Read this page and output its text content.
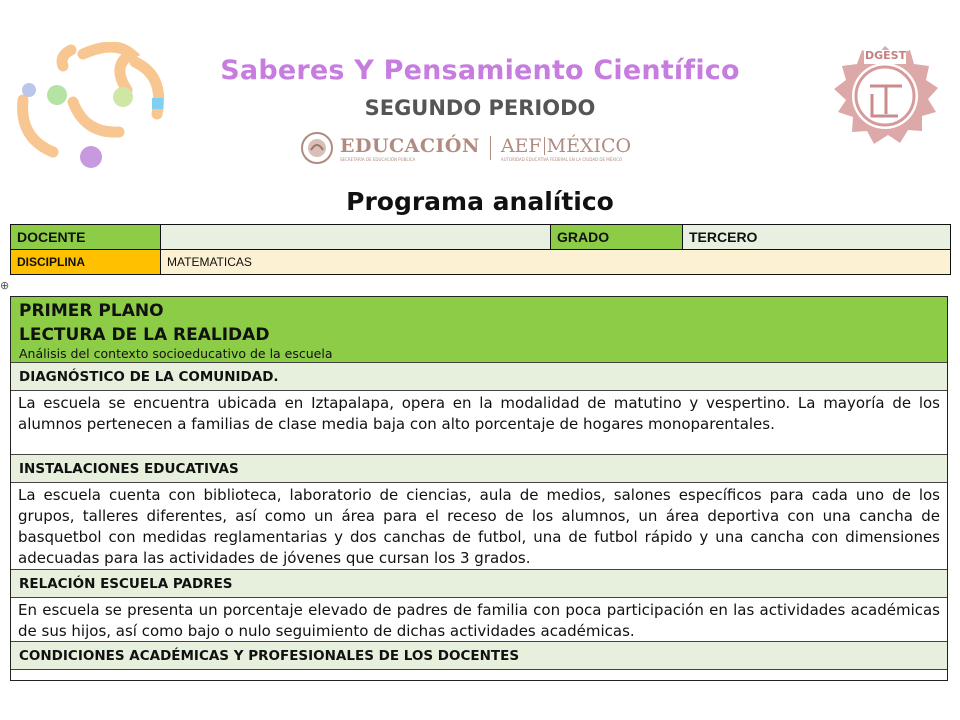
DGEST
Saberes Y Pensamiento Científico
SEGUNDO PERIODO
EDUCACIÓN
SECRETARÍA DE EDUCACIÓN PÚBLICA
AEF MÉXICO
AUTORIDAD EDUCATIVA FEDERAL EN LA CIUDAD DE MÉXICO
Programa analítico
DOCENTE		GRADO	TERCERO
DISCIPLINA	MATEMATICAS		
⊕
PRIMER PLANO
LECTURA DE LA REALIDAD
Análisis del contexto socioeducativo de la escuela
DIAGNÓSTICO DE LA COMUNIDAD.
La escuela se encuentra ubicada en Iztapalapa, opera en la modalidad de matutino y vespertino. La mayoría de los alumnos pertenecen a familias de clase media baja con alto porcentaje de hogares monoparentales.
INSTALACIONES EDUCATIVAS
La escuela cuenta con biblioteca, laboratorio de ciencias, aula de medios, salones específicos para cada uno de los grupos, talleres diferentes, así como un área para el receso de los alumnos, un área deportiva con una cancha de basquetbol con medidas reglamentarias y dos canchas de futbol, una de futbol rápido y una cancha con dimensiones adecuadas para las actividades de jóvenes que cursan los 3 grados.
RELACIÓN ESCUELA PADRES
En escuela se presenta un porcentaje elevado de padres de familia con poca participación en las actividades académicas de sus hijos, así como bajo o nulo seguimiento de dichas actividades académicas.
CONDICIONES ACADÉMICAS Y PROFESIONALES DE LOS DOCENTES
